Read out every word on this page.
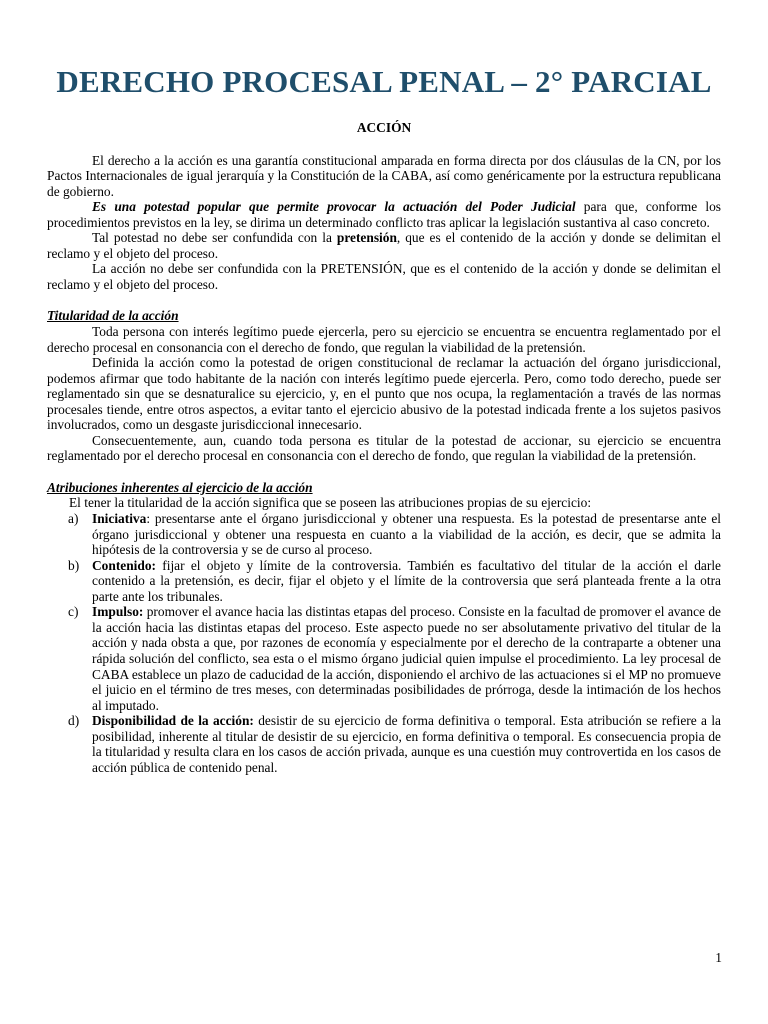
DERECHO PROCESAL PENAL – 2° PARCIAL

ACCIÓN

El derecho a la acción es una garantía constitucional amparada en forma directa por dos cláusulas de la CN, por los Pactos Internacionales de igual jerarquía y la Constitución de la CABA, así como genéricamente por la estructura republicana de gobierno.

Es una potestad popular que permite provocar la actuación del Poder Judicial para que, conforme los procedimientos previstos en la ley, se dirima un determinado conflicto tras aplicar la legislación sustantiva al caso concreto.

Tal potestad no debe ser confundida con la pretensión, que es el contenido de la acción y donde se delimitan el reclamo y el objeto del proceso.

La acción no debe ser confundida con la PRETENSIÓN, que es el contenido de la acción y donde se delimitan el reclamo y el objeto del proceso.

Titularidad de la acción

Toda persona con interés legítimo puede ejercerla, pero su ejercicio se encuentra se encuentra reglamentado por el derecho procesal en consonancia con el derecho de fondo, que regulan la viabilidad de la pretensión.

Definida la acción como la potestad de origen constitucional de reclamar la actuación del órgano jurisdiccional, podemos afirmar que todo habitante de la nación con interés legítimo puede ejercerla. Pero, como todo derecho, puede ser reglamentado sin que se desnaturalice su ejercicio, y, en el punto que nos ocupa, la reglamentación a través de las normas procesales tiende, entre otros aspectos, a evitar tanto el ejercicio abusivo de la potestad indicada frente a los sujetos pasivos involucrados, como un desgaste jurisdiccional innecesario.

Consecuentemente, aun, cuando toda persona es titular de la potestad de accionar, su ejercicio se encuentra reglamentado por el derecho procesal en consonancia con el derecho de fondo, que regulan la viabilidad de la pretensión.

Atribuciones inherentes al ejercicio de la acción

El tener la titularidad de la acción significa que se poseen las atribuciones propias de su ejercicio:

a) Iniciativa: presentarse ante el órgano jurisdiccional y obtener una respuesta. Es la potestad de presentarse ante el órgano jurisdiccional y obtener una respuesta en cuanto a la viabilidad de la acción, es decir, que se admita la hipótesis de la controversia y se de curso al proceso.
b) Contenido: fijar el objeto y límite de la controversia. También es facultativo del titular de la acción el darle contenido a la pretensión, es decir, fijar el objeto y el límite de la controversia que será planteada frente a la otra parte ante los tribunales.
c) Impulso: promover el avance hacia las distintas etapas del proceso. Consiste en la facultad de promover el avance de la acción hacia las distintas etapas del proceso. Este aspecto puede no ser absolutamente privativo del titular de la acción y nada obsta a que, por razones de economía y especialmente por el derecho de la contraparte a obtener una rápida solución del conflicto, sea esta o el mismo órgano judicial quien impulse el procedimiento. La ley procesal de CABA establece un plazo de caducidad de la acción, disponiendo el archivo de las actuaciones si el MP no promueve el juicio en el término de tres meses, con determinadas posibilidades de prórroga, desde la intimación de los hechos al imputado.
d) Disponibilidad de la acción: desistir de su ejercicio de forma definitiva o temporal. Esta atribución se refiere a la posibilidad, inherente al titular de desistir de su ejercicio, en forma definitiva o temporal. Es consecuencia propia de la titularidad y resulta clara en los casos de acción privada, aunque es una cuestión muy controvertida en los casos de acción pública de contenido penal.
1
